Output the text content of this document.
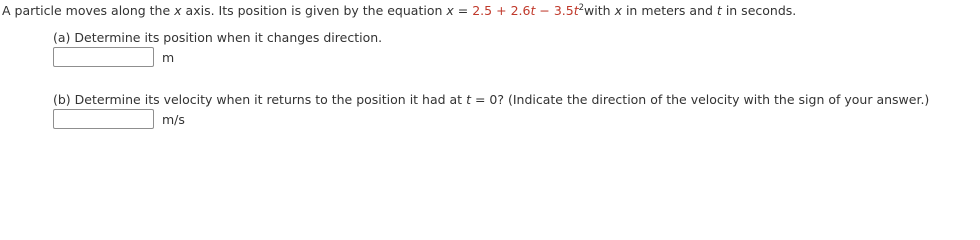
A particle moves along the x axis. Its position is given by the equation $x = 2.5 + 2.6t - 3.5t^2with$ x in meters and t in seconds.
(a) Determine its position when it changes direction.
m
(b) Determine its velocity when it returns to the position it had at t = 0? (Indicate the direction of the velocity with the sign of your answer.)
m/s
